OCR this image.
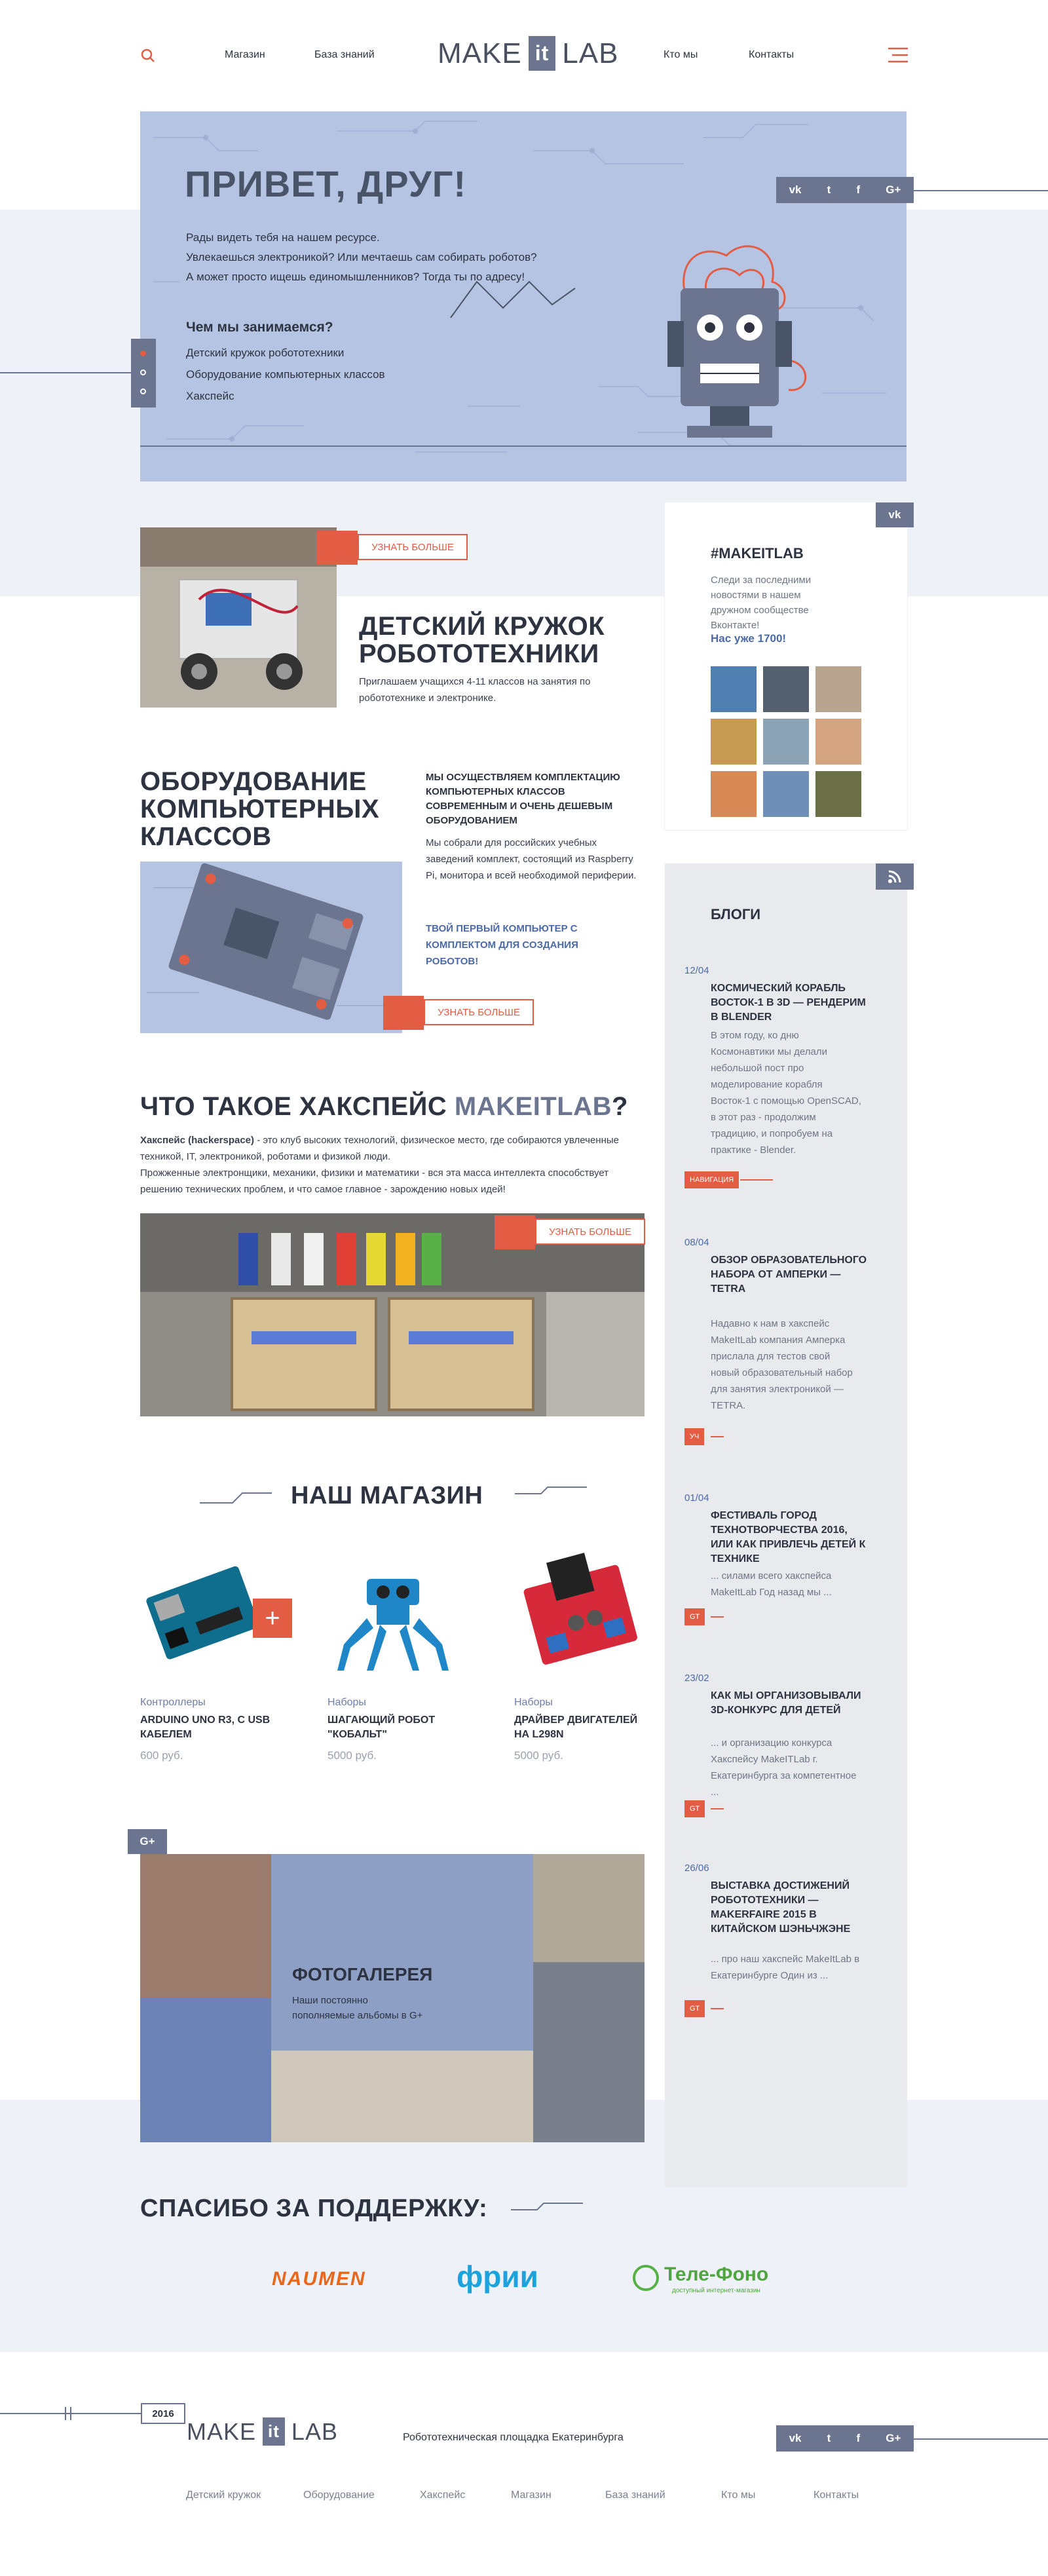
Магазин	База знаний	Кто мы	Контакты
MAKE it LAB
ПРИВЕТ, ДРУГ!

Рады видеть тебя на нашем ресурсе.

Увлекаешься электроникой? Или мечтаешь сам собирать роботов?

А может просто ищешь единомышленников? Тогда ты по адресу!

Чем мы занимаемся?
Детский кружок робототехники
Оборудование компьютерных классов
Хакспейс
vk t f G+
УЗНАТЬ БОЛЬШЕ
ДЕТСКИЙ КРУЖОК РОБОТОТЕХНИКИ

Приглашаем учащихся 4-11 классов на занятия по робототехнике и электронике.

vk
#MAKEITLAB
Следи за последними новостями в нашем дружном сообществе Вконтакте!
Нас уже 1700!
ОБОРУДОВАНИЕ КОМПЬЮТЕРНЫХ КЛАССОВ

МЫ ОСУЩЕСТВЛЯЕМ КОМПЛЕКТАЦИЮ КОМПЬЮТЕРНЫХ КЛАССОВ СОВРЕМЕННЫМ И ОЧЕНЬ ДЕШЕВЫМ ОБОРУДОВАНИЕМ

Мы собрали для российских учебных заведений комплект, состоящий из Raspberry Pi, монитора и всей необходимой периферии.

ТВОЙ ПЕРВЫЙ КОМПЬЮТЕР С КОМПЛЕКТОМ ДЛЯ СОЗДАНИЯ РОБОТОВ!

УЗНАТЬ БОЛЬШЕ
ЧТО ТАКОЕ ХАКСПЕЙС MAKEITLAB?

Хакспейс (hackerspace) - это клуб высоких технологий, физическое место, где собираются увлеченные техникой, IT, электроникой, роботами и физикой люди.

Прожженные электронщики, механики, физики и математики - вся эта масса интеллекта способствует решению технических проблем, и что самое главное - зарождению новых идей!

УЗНАТЬ БОЛЬШЕ
НАШ МАГАЗИН
+
Контроллеры
ARDUINO UNO R3, С USB КАБЕЛЕМ
600 руб.
Наборы
ШАГАЮЩИЙ РОБОТ "КОБАЛЬТ"
5000 руб.
Наборы
ДРАЙВЕР ДВИГАТЕЛЕЙ НА L298N
5000 руб.
БЛОГИ
12/04
КОСМИЧЕСКИЙ КОРАБЛЬ ВОСТОК-1 В 3D — РЕНДЕРИМ В BLENDER
В этом году, ко дню Космонавтики мы делали небольшой пост про моделирование корабля Восток-1 с помощью OpenSCAD, в этот раз - продолжим традицию, и попробуем на практике - Blender.
НАВИГАЦИЯ
08/04
ОБЗОР ОБРАЗОВАТЕЛЬНОГО НАБОРА ОТ АМПЕРКИ — TETRA
Надавно к нам в хакспейс MakeItLab компания Амперка прислала для тестов свой новый образовательный набор для занятия электроникой — TETRA.
УЧ
01/04
ФЕСТИВАЛЬ ГОРОД ТЕХНОТВОРЧЕСТВА 2016, ИЛИ КАК ПРИВЛЕЧЬ ДЕТЕЙ К ТЕХНИКЕ
... силами всего хакспейса MakeItLab Год назад мы ...
GT
23/02
КАК МЫ ОРГАНИЗОВЫВАЛИ 3D-КОНКУРС ДЛЯ ДЕТЕЙ
... и организацию конкурса Хакспейсу MakeITLab г. Екатеринбурга за компетентное ...
GT
26/06
ВЫСТАВКА ДОСТИЖЕНИЙ РОБОТОТЕХНИКИ — MAKERFAIRE 2015 В КИТАЙСКОМ ШЭНЬЧЖЭНЕ
... про наш хакспейс MakeItLab в Екатеринбурге Один из ...
GT
G+
ФОТОГАЛЕРЕЯ
Наши постоянно пополняемые альбомы в G+
СПАСИБО ЗА ПОДДЕРЖКУ:
NAUMEN	фрии	Теле-Фоно
доступный интернет-магазин
2016
MAKE it LAB	Робототехническая площадка Екатеринбурга	vk t f G+
Детский кружок	Оборудование	Хакспейс	Магазин	База знаний	Кто мы	Контакты
